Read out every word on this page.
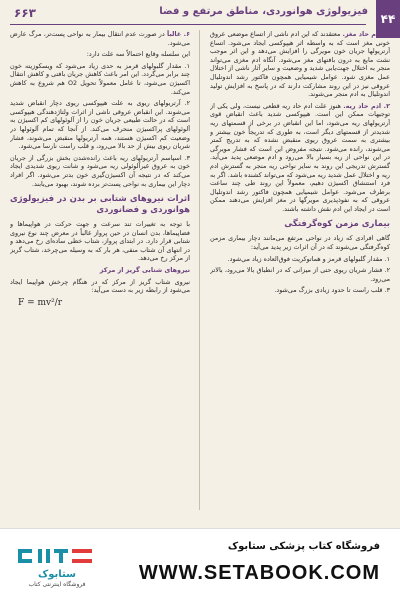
۶۶۳	فیزیولوژی هوانوردی، مناطق مرتفع و فضا
۴۴

۱. ادم حاد مغز. معتقدند که این ادم ناشی از اتساع موضعی عروق خونی مغز است که به واسطه اثر هیپوکسی ایجاد می‌شود. اتساع آرتریولها جریان خون مویرگی را افزایش می‌دهد و این اثر موجب نشت مایع به درون بافتهای مغز می‌شود. آنگاه ادم مغزی می‌تواند منجر به اختلال جهت‌یابی شدید و وضعیت و سایر آثار ناشی از اختلال عمل مغزی شود. عوامل شیمیایی همچون فاکتور رشد اندوتلیال عروقی نیز در این روند مشارکت دارند که در پاسخ به افزایش تولید اندوتلیال به ادم منجر می‌شوند.

۲. ادم حاد ریه. هنوز علت ادم حاد ریه قطعی نیست، ولی یکی از توجیهات ممکن این است. هیپوکسی شدید باعث انقباض قوی آرتریولهای ریه می‌شود، اما این انقباض در برخی از قسمتهای ریه شدیدتر از قسمتهای دیگر است، به طوری که تدریجاً خون بیشتر و بیشتری به سمت عروق ریوی منقبض نشده که به تدریج کمتر می‌شوند، رانده می‌شود. نتیجه مفروض این است که فشار مویرگی در این نواحی از ریه بسیار بالا می‌رود و ادم موضعی پدید می‌آید. گسترش تدریجی این روند به سایر نواحی ریه منجر به گسترش ادم ریه و اختلال عمل شدید ریه می‌شود که می‌تواند کشنده باشد. اگر به فرد استنشاق اکسیژن دهیم، معمولاً این روند طی چند ساعت برطرف می‌شود. عوامل شیمیایی همچون فاکتور رشد اندوتلیال عروقی که به نفوذپذیری مویرگها در مغز افزایش می‌دهند ممکن است در ایجاد این ادم نقش داشته باشند.

بیماری مزمن کوه‌گرفتگی

گاهی افرادی که زیاد در نواحی مرتفع می‌مانند دچار بیماری مزمن کوه‌گرفتگی می‌شوند که در آن اثرات زیر پدید می‌آید:

۱. مقدار گلبولهای قرمز و هماتوکریت فوق‌العاده زیاد می‌شود.

۲. فشار شریان ریوی حتی از میزانی که در انطباق بالا می‌رود، بالاتر می‌رود.

۳. قلب راست تا حدود زیادی بزرگ می‌شود.

۶. غالباً در صورت عدم انتقال بیمار به نواحی پست‌تر، مرگ عارض می‌شود.

این سلسله وقایع احتمالاً سه علت دارد:

۱. مقدار گلبولهای قرمز به حدی زیاد می‌شود که ویسکوزیته خون چند برابر می‌گردد. این امر باعث کاهش جریان بافتی و کاهش انتقال اکسیژن می‌شود، تا عامل معمولاً تحویل O2 هم شروع به کاهش می‌کند.

۲. آرتریولهای ریوی به علت هیپوکسی ریوی دچار انقباض شدید می‌شوند. این انقباض عروقی ناشی از اثرات ولتاژدهندگی هیپوکسی است که در حالت طبیعی جریان خون را از آلوئولهای کم اکسیژن به آلوئولهای پراکسیژن منحرف می‌کند. از آنجا که تمام آلوئولها در وضعیت کم اکسیژن هستند، همه آرتریولها منقبض می‌شوند، فشار شریان ریوی بیش از حد بالا می‌رود، و قلب راست نارسا می‌شود.

۳. اسپاسم آرتریولهای ریه باعث رانده‌شدن بخش بزرگی از جریان خون به عروق غیرآلوئولی ریه می‌شود و شانت ریوی شدیدی ایجاد می‌کند که در نتیجه آن اکسیژن‌گیری خون بدتر می‌شود. اگر افراد دچار این بیماری به نواحی پست‌تر برده شوند، بهبود می‌یابند.

اثرات نیروهای شتابی بر بدن در فیزیولوژی هوانوردی و فضانوردی

با توجه به تغییرات تند سرعت و جهت حرکت در هواپیماها و فضاپیماها، بدن انسان در حین پرواز غالباً در معرض چند نوع نیروی شتابی قرار دارد. در ابتدای پرواز، شتاب خطی ساده‌ای رخ می‌دهد و در انتهای آن شتاب منفی، هر بار که به وسیله می‌چرخد، شتاب گریز از مرکز رخ می‌دهد.

نیروهای شتابی گریز از مرکز

نیروی شتاب گریز از مرکز که در هنگام چرخش هواپیما ایجاد می‌شود از رابطه زیر به دست می‌آید:

F = mv²/r
ستابوک
فروشگاه اینترنتی کتاب
فروشگاه کتاب پزشکی ستابوک
WWW.SETABOOK.COM
